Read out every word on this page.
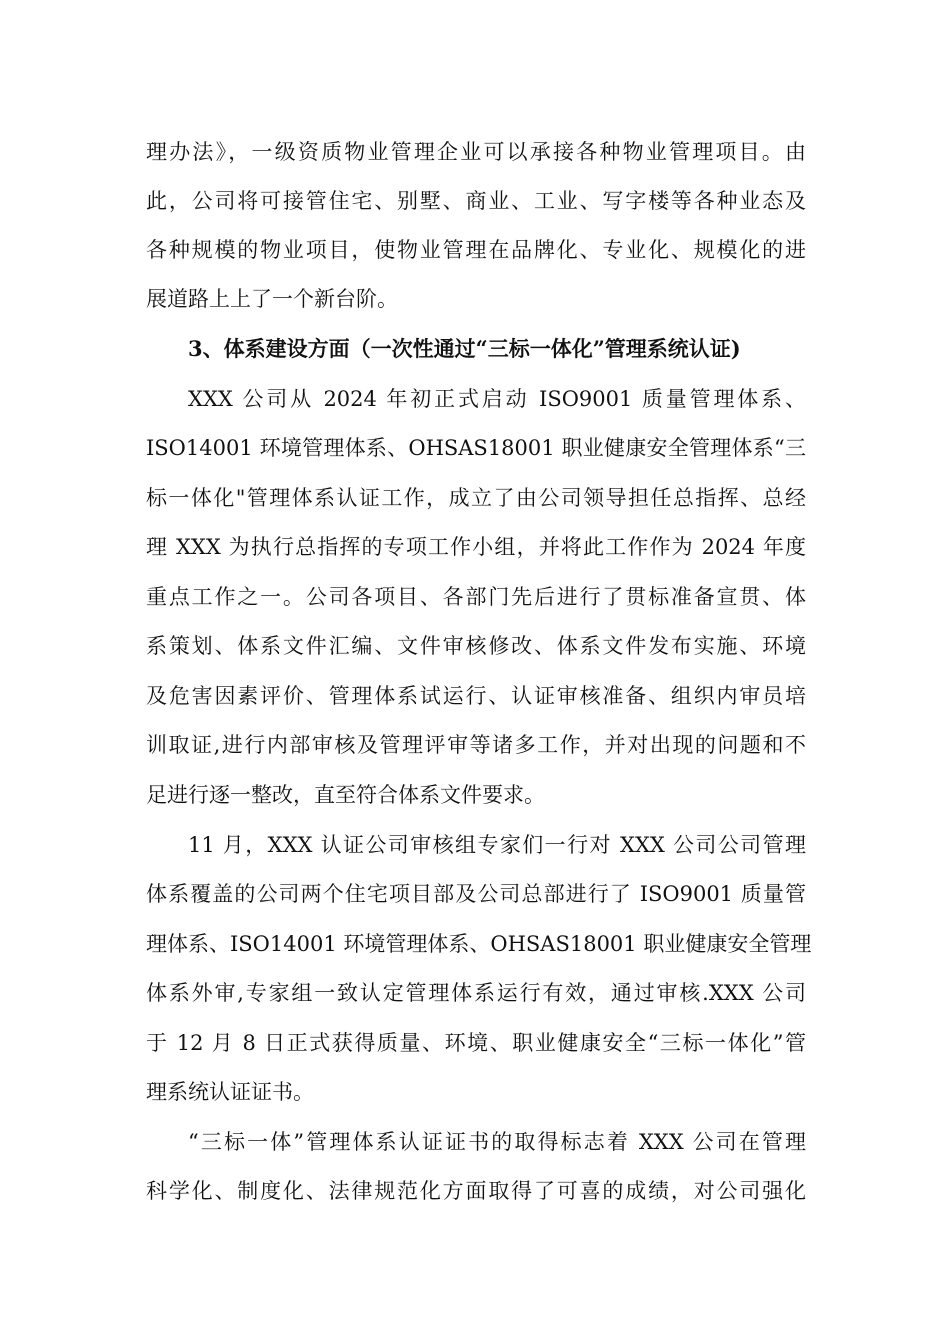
理办法》，一级资质物业管理企业可以承接各种物业管理项目。由
此，公司将可接管住宅、别墅、商业、工业、写字楼等各种业态及
各种规模的物业项目，使物业管理在品牌化、专业化、规模化的进
展道路上上了一个新台阶。
3、体系建设方面（一次性通过“三标一体化”管理系统认证)
XXX 公司从 2024 年初正式启动 ISO9001 质量管理体系、
ISO14001 环境管理体系、OHSAS18001 职业健康安全管理体系“三
标一体化"管理体系认证工作，成立了由公司领导担任总指挥、总经
理 XXX 为执行总指挥的专项工作小组，并将此工作作为 2024 年度
重点工作之一。公司各项目、各部门先后进行了贯标准备宣贯、体
系策划、体系文件汇编、文件审核修改、体系文件发布实施、环境
及危害因素评价、管理体系试运行、认证审核准备、组织内审员培
训取证,进行内部审核及管理评审等诸多工作，并对出现的问题和不
足进行逐一整改，直至符合体系文件要求。
11 月，XXX 认证公司审核组专家们一行对 XXX 公司公司管理
体系覆盖的公司两个住宅项目部及公司总部进行了 ISO9001 质量管
理体系、ISO14001 环境管理体系、OHSAS18001 职业健康安全管理
体系外审,专家组一致认定管理体系运行有效，通过审核.XXX 公司
于 12 月 8 日正式获得质量、环境、职业健康安全“三标一体化”管
理系统认证证书。
“三标一体”管理体系认证证书的取得标志着 XXX 公司在管理
科学化、制度化、法律规范化方面取得了可喜的成绩，对公司强化
